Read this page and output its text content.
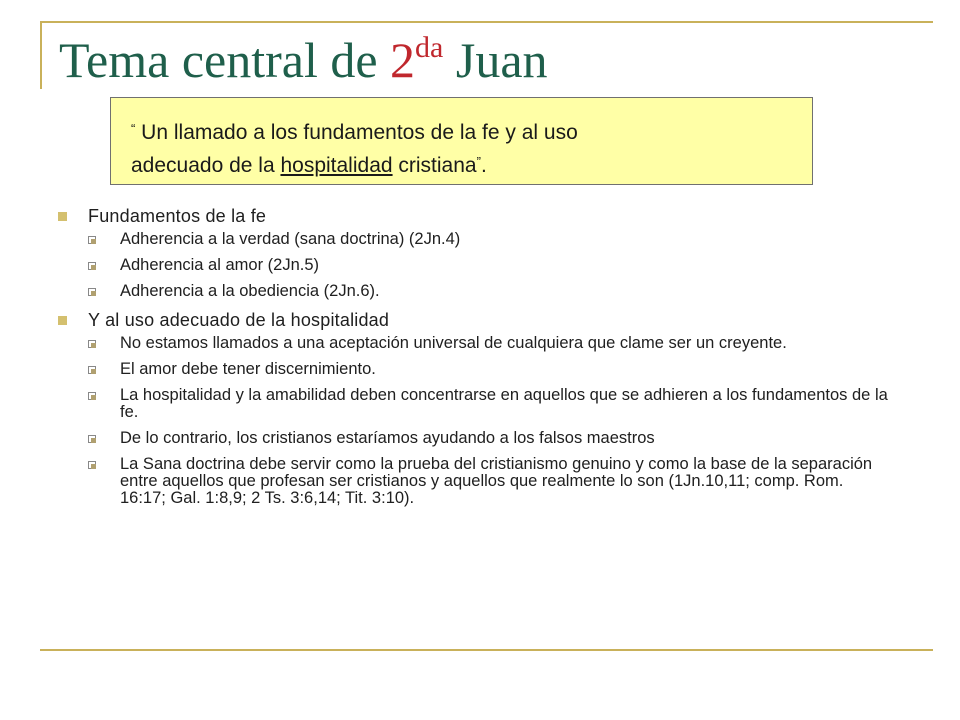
Tema central de $2^{da}$ Juan
“ Un llamado a los fundamentos de la fe y al uso
adecuado de la hospitalidad cristiana”.
Fundamentos de la fe
Adherencia a la verdad (sana doctrina) (2Jn.4)
Adherencia al amor (2Jn.5)
Adherencia a la obediencia (2Jn.6).
Y al uso adecuado de la hospitalidad
No estamos llamados a una aceptación universal de cualquiera que clame ser un creyente.
El amor debe tener discernimiento.
La hospitalidad y la amabilidad deben concentrarse en aquellos que se adhieren a los fundamentos de la fe.
De lo contrario, los cristianos estaríamos ayudando a los falsos maestros
La Sana doctrina debe servir como la prueba del cristianismo genuino y como la base de la separación entre aquellos que profesan ser cristianos y aquellos que realmente lo son (1Jn.10,11; comp. Rom. 16:17; Gal. 1:8,9; 2 Ts. 3:6,14; Tit. 3:10).
